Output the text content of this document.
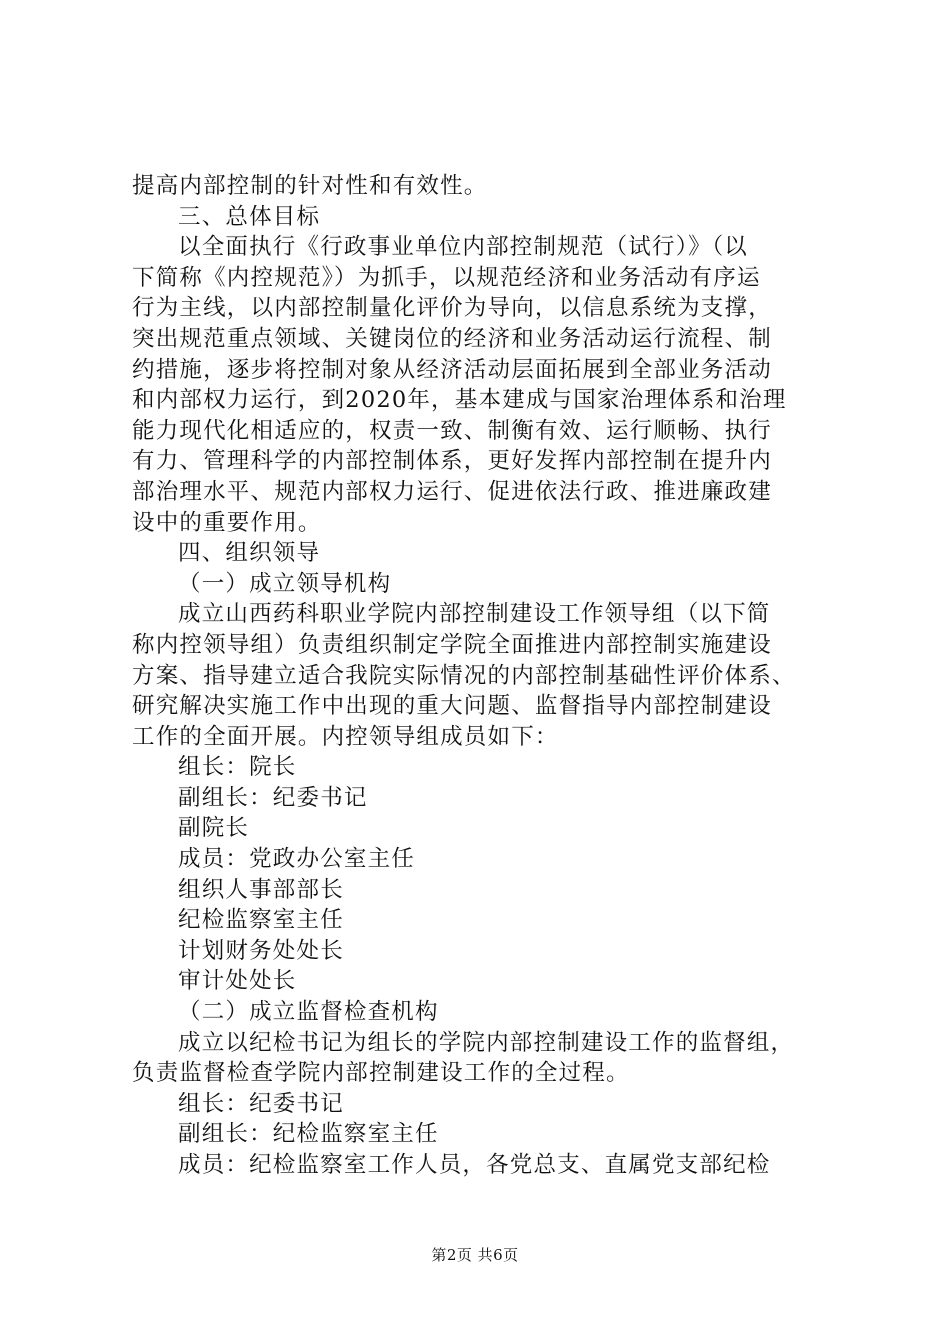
提高内部控制的针对性和有效性。
三、总体目标
以全面执行《行政事业单位内部控制规范（试行）》（以
下简称《内控规范》）为抓手，以规范经济和业务活动有序运
行为主线，以内部控制量化评价为导向，以信息系统为支撑，
突出规范重点领域、关键岗位的经济和业务活动运行流程、制
约措施，逐步将控制对象从经济活动层面拓展到全部业务活动
和内部权力运行，到2020年，基本建成与国家治理体系和治理
能力现代化相适应的，权责一致、制衡有效、运行顺畅、执行
有力、管理科学的内部控制体系，更好发挥内部控制在提升内
部治理水平、规范内部权力运行、促进依法行政、推进廉政建
设中的重要作用。
四、组织领导
（一）成立领导机构
成立山西药科职业学院内部控制建设工作领导组（以下简
称内控领导组）负责组织制定学院全面推进内部控制实施建设
方案、指导建立适合我院实际情况的内部控制基础性评价体系、
研究解决实施工作中出现的重大问题、监督指导内部控制建设
工作的全面开展。内控领导组成员如下：
组长：院长
副组长：纪委书记
副院长
成员：党政办公室主任
组织人事部部长
纪检监察室主任
计划财务处处长
审计处处长
（二）成立监督检查机构
成立以纪检书记为组长的学院内部控制建设工作的监督组，
负责监督检查学院内部控制建设工作的全过程。
组长：纪委书记
副组长：纪检监察室主任
成员：纪检监察室工作人员，各党总支、直属党支部纪检
第2页 共6页
